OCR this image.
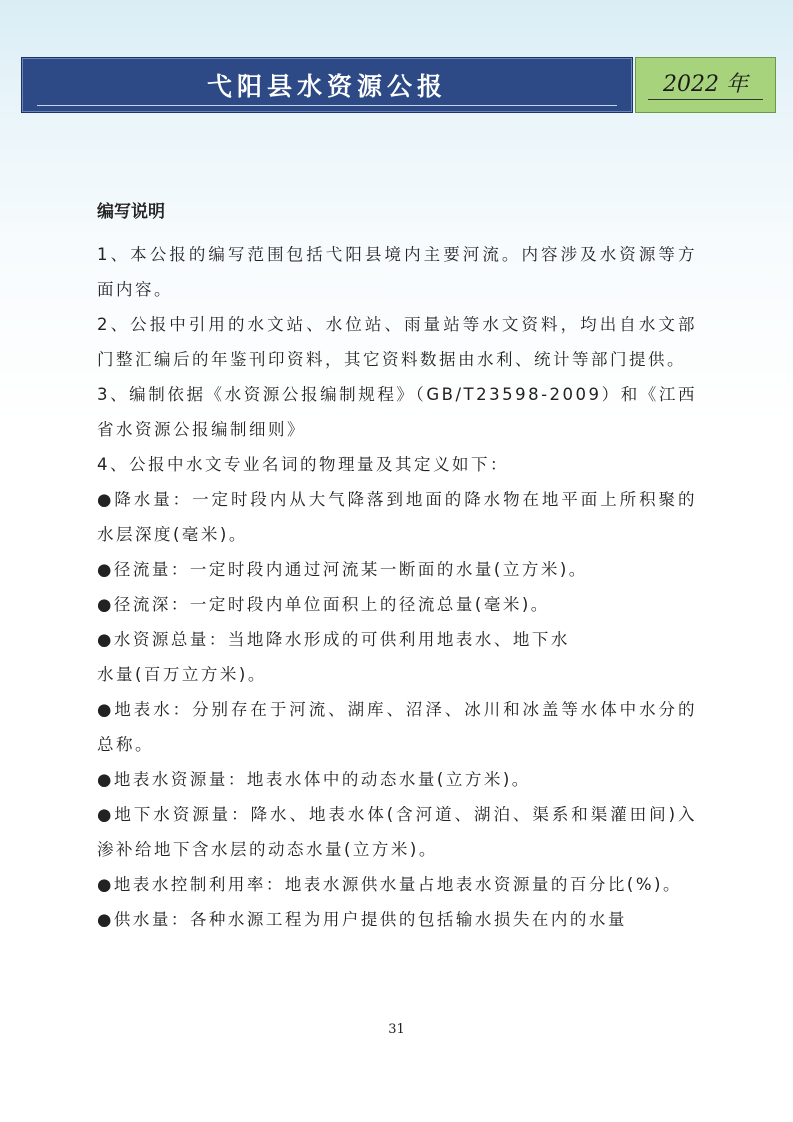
弋阳县水资源公报	2022 年

编写说明

1、本公报的编写范围包括弋阳县境内主要河流。内容涉及水资源等方面内容。

2、公报中引用的水文站、水位站、雨量站等水文资料，均出自水文部门整汇编后的年鉴刊印资料，其它资料数据由水利、统计等部门提供。

3、编制依据《水资源公报编制规程》（GB/T23598-2009）和《江西省水资源公报编制细则》

4、公报中水文专业名词的物理量及其定义如下：

●降水量：一定时段内从大气降落到地面的降水物在地平面上所积聚的水层深度(毫米)。

●径流量：一定时段内通过河流某一断面的水量(立方米)。

●径流深：一定时段内单位面积上的径流总量(毫米)。

●水资源总量：当地降水形成的可供利用地表水、地下水

水量(百万立方米)。

●地表水：分别存在于河流、湖库、沼泽、冰川和冰盖等水体中水分的总称。

●地表水资源量：地表水体中的动态水量(立方米)。

●地下水资源量：降水、地表水体(含河道、湖泊、渠系和渠灌田间)入渗补给地下含水层的动态水量(立方米)。

●地表水控制利用率：地表水源供水量占地表水资源量的百分比(%)。

●供水量：各种水源工程为用户提供的包括输水损失在内的水量

31
